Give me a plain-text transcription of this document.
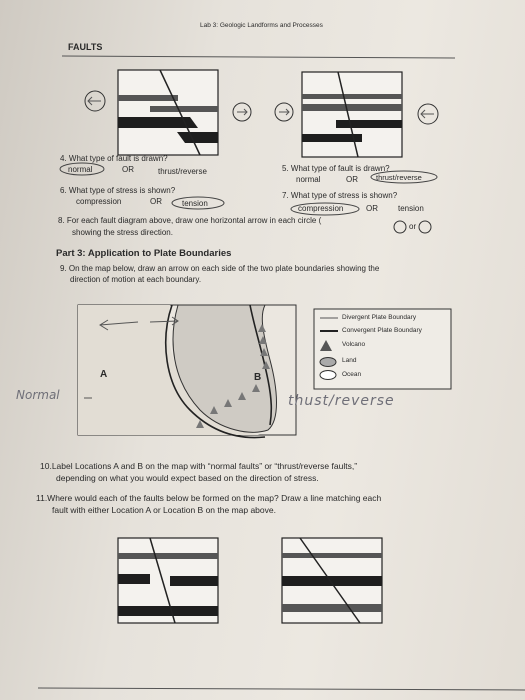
Lab 3: Geologic Landforms and Processes
FAULTS
4. What type of fault is drawn?
normal	OR	thrust/reverse	5. What type of fault is drawn?
normal	OR thrust/reverse
6. What type of stress is shown?
compression	OR	tension
7. What type of stress is shown?
compression	OR	tension
8. For each fault diagram above, draw one horizontal arrow in each circle (
or
showing the stress direction.
Part 3: Application to Plate Boundaries
9. On the map below, draw an arrow on each side of the two plate boundaries showing the
direction of motion at each boundary.
Divergent Plate Boundary
Convergent Plate Boundary
Volcano
Land
Ocean
A	B
Normal	thust/reverse
10.Label Locations A and B on the map with “normal faults” or “thrust/reverse faults,”
depending on what you would expect based on the direction of stress.
11.Where would each of the faults below be formed on the map? Draw a line matching each
fault with either Location A or Location B on the map above.
